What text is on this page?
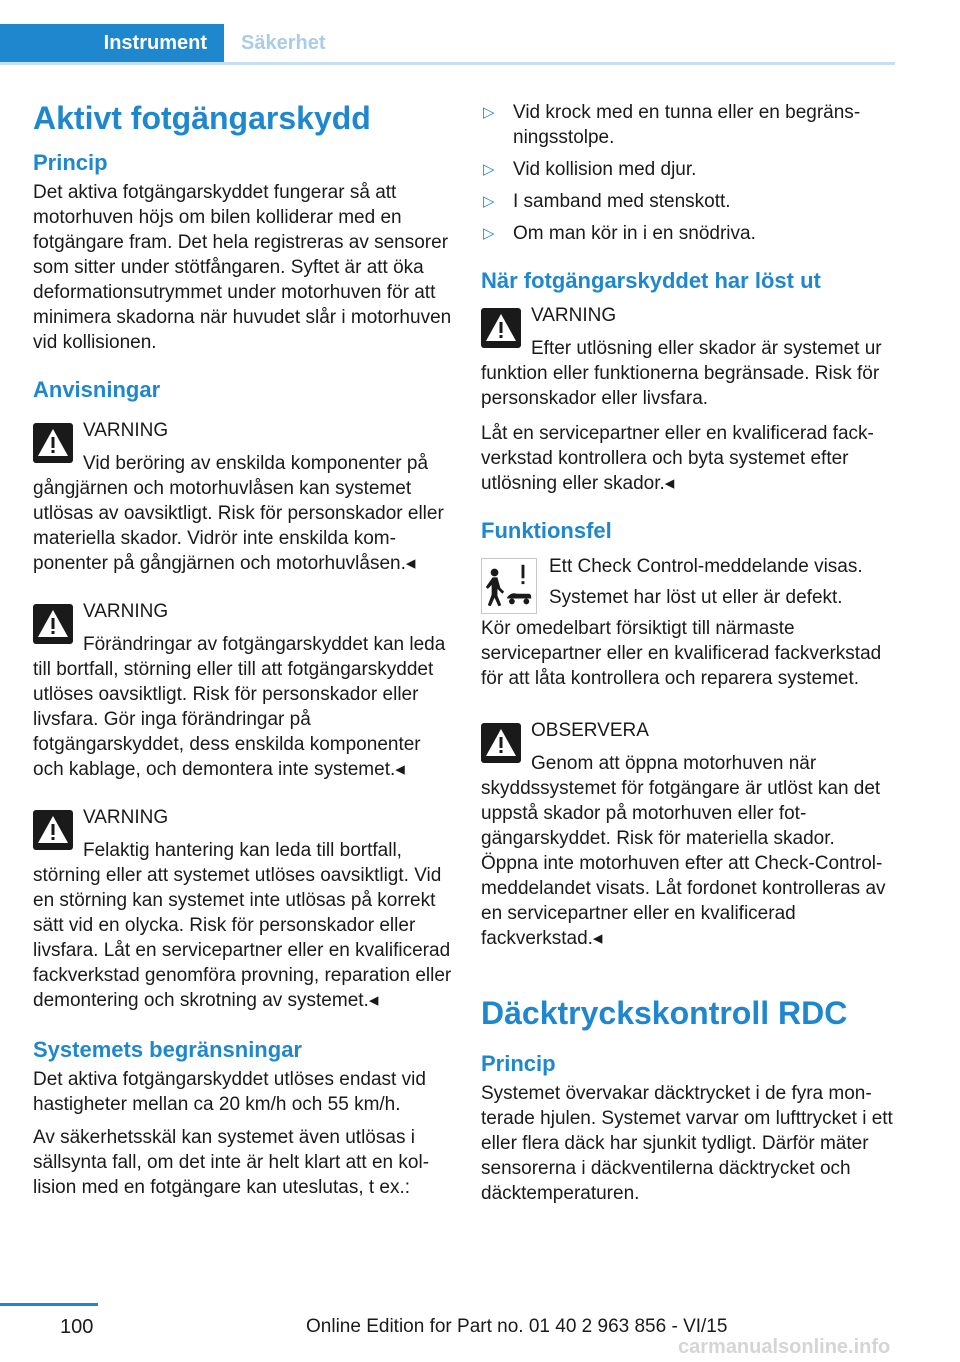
Instrument	Säkerhet
Aktivt fotgängarskydd
Princip

Det aktiva fotgängarskyddet fungerar så att motorhuven höjs om bilen kolliderar med en fotgängare fram. Det hela registreras av sensorer som sitter under stötfångaren. Syftet är att öka deformationsutrymmet under motorhuven för att minimera skadorna när huvudet slår i motorhuven vid kollisionen.

Anvisningar
VARNING
Vid beröring av enskilda komponenter på gångjärnen och motorhuvlåsen kan systemet utlösas av oavsiktligt. Risk för personskador eller materiella skador. Vidrör inte enskilda komponenter på gångjärnen och motorhuvlåsen.◂
VARNING
Förändringar av fotgängarskyddet kan leda till bortfall, störning eller till att fotgängarskyddet utlöses oavsiktligt. Risk för personskador eller livsfara. Gör inga förändringar på fotgängarskyddet, dess enskilda komponenter och kablage, och demontera inte systemet.◂
VARNING
Felaktig hantering kan leda till bortfall, störning eller att systemet utlöses oavsiktligt. Vid en störning kan systemet inte utlösas på korrekt sätt vid en olycka. Risk för personskador eller livsfara. Låt en servicepartner eller en kvalificerad fackverkstad genomföra provning, reparation eller demontering och skrotning av systemet.◂
Systemets begränsningar

Det aktiva fotgängarskyddet utlöses endast vid hastigheter mellan ca 20 km/h och 55 km/h.

Av säkerhetsskäl kan systemet även utlösas i sällsynta fall, om det inte är helt klart att en kollision med en fotgängare kan uteslutas, t ex.:

▷ Vid krock med en tunna eller en begränsningsstolpe.
▷ Vid kollision med djur.
▷ I samband med stenskott.
▷ Om man kör in i en snödriva.
När fotgängarskyddet har löst ut
VARNING
Efter utlösning eller skador är systemet ur funktion eller funktionerna begränsade. Risk för personskador eller livsfara.

Låt en servicepartner eller en kvalificerad fackverkstad kontrollera och byta systemet efter utlösning eller skador.◂

Funktionsfel

Ett Check Control-meddelande visas.

Systemet har löst ut eller är defekt.

Kör omedelbart försiktigt till närmaste servicepartner eller en kvalificerad fackverkstad för att låta kontrollera och reparera systemet.

OBSERVERA
Genom att öppna motorhuven när skyddssystemet för fotgängare är utlöst kan det uppstå skador på motorhuven eller fotgängarskyddet. Risk för materiella skador. Öppna inte motorhuven efter att Check-Control-meddelandet visats. Låt fordonet kontrolleras av en servicepartner eller en kvalificerad fackverkstad.◂
Däcktryckskontroll RDC
Princip

Systemet övervakar däcktrycket i de fyra monterade hjulen. Systemet varvar om lufttrycket i ett eller flera däck har sjunkit tydligt. Därför mäter sensorerna i däckventilerna däcktrycket och däcktemperaturen.

100	Online Edition for Part no. 01 40 2 963 856 - VI/15
carmanualsonline.info
